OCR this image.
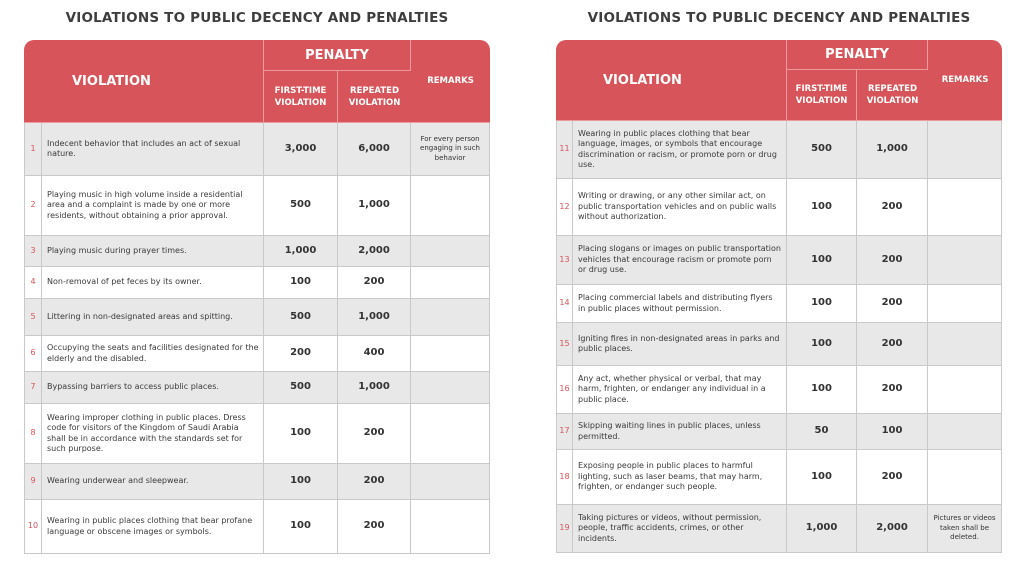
VIOLATIONS TO PUBLIC DECENCY AND PENALTIES
VIOLATION		PENALTY		REMARKS
		FIRST-TIME VIOLATION	REPEATED VIOLATION	
1	Indecent behavior that includes an act of sexual nature.	3,000	6,000	For every person engaging in such behavior
2	Playing music in high volume inside a residential area and a complaint is made by one or more residents, without obtaining a prior approval.	500	1,000	
3	Playing music during prayer times.	1,000	2,000	
4	Non-removal of pet feces by its owner.	100	200	
5	Littering in non-designated areas and spitting.	500	1,000	
6	Occupying the seats and facilities designated for the elderly and the disabled.	200	400	
7	Bypassing barriers to access public places.	500	1,000	
8	Wearing improper clothing in public places. Dress code for visitors of the Kingdom of Saudi Arabia shall be in accordance with the standards set for such purpose.	100	200	
9	Wearing underwear and sleepwear.	100	200	
10	Wearing in public places clothing that bear profane language or obscene images or symbols.	100	200	
VIOLATIONS TO PUBLIC DECENCY AND PENALTIES
VIOLATION		PENALTY		REMARKS
		FIRST-TIME VIOLATION	REPEATED VIOLATION	
11	Wearing in public places clothing that bear language, images, or symbols that encourage discrimination or racism, or promote porn or drug use.	500	1,000	
12	Writing or drawing, or any other similar act, on public transportation vehicles and on public walls without authorization.	100	200	
13	Placing slogans or images on public transportation vehicles that encourage racism or promote porn or drug use.	100	200	
14	Placing commercial labels and distributing flyers in public places without permission.	100	200	
15	Igniting fires in non-designated areas in parks and public places.	100	200	
16	Any act, whether physical or verbal, that may harm, frighten, or endanger any individual in a public place.	100	200	
17	Skipping waiting lines in public places, unless permitted.	50	100	
18	Exposing people in public places to harmful lighting, such as laser beams, that may harm, frighten, or endanger such people.	100	200	
19	Taking pictures or videos, without permission, people, traffic accidents, crimes, or other incidents.	1,000	2,000	Pictures or videos taken shall be deleted.
